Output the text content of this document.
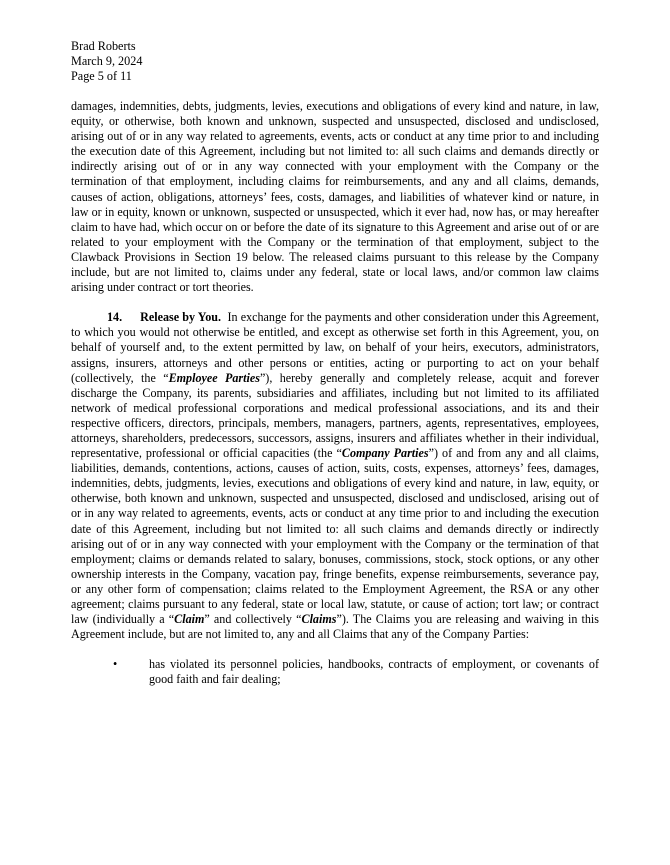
Brad Roberts
March 9, 2024
Page 5 of 11

damages, indemnities, debts, judgments, levies, executions and obligations of every kind and nature, in law, equity, or otherwise, both known and unknown, suspected and unsuspected, disclosed and undisclosed, arising out of or in any way related to agreements, events, acts or conduct at any time prior to and including the execution date of this Agreement, including but not limited to: all such claims and demands directly or indirectly arising out of or in any way connected with your employment with the Company or the termination of that employment, including claims for reimbursements, and any and all claims, demands, causes of action, obligations, attorneys’ fees, costs, damages, and liabilities of whatever kind or nature, in law or in equity, known or unknown, suspected or unsuspected, which it ever had, now has, or may hereafter claim to have had, which occur on or before the date of its signature to this Agreement and arise out of or are related to your employment with the Company or the termination of that employment, subject to the Clawback Provisions in Section 19 below. The released claims pursuant to this release by the Company include, but are not limited to, claims under any federal, state or local laws, and/or common law claims arising under contract or tort theories.

14. Release by You. In exchange for the payments and other consideration under this Agreement, to which you would not otherwise be entitled, and except as otherwise set forth in this Agreement, you, on behalf of yourself and, to the extent permitted by law, on behalf of your heirs, executors, administrators, assigns, insurers, attorneys and other persons or entities, acting or purporting to act on your behalf (collectively, the “Employee Parties”), hereby generally and completely release, acquit and forever discharge the Company, its parents, subsidiaries and affiliates, including but not limited to its affiliated network of medical professional corporations and medical professional associations, and its and their respective officers, directors, principals, members, managers, partners, agents, representatives, employees, attorneys, shareholders, predecessors, successors, assigns, insurers and affiliates whether in their individual, representative, professional or official capacities (the “Company Parties”) of and from any and all claims, liabilities, demands, contentions, actions, causes of action, suits, costs, expenses, attorneys’ fees, damages, indemnities, debts, judgments, levies, executions and obligations of every kind and nature, in law, equity, or otherwise, both known and unknown, suspected and unsuspected, disclosed and undisclosed, arising out of or in any way related to agreements, events, acts or conduct at any time prior to and including the execution date of this Agreement, including but not limited to: all such claims and demands directly or indirectly arising out of or in any way connected with your employment with the Company or the termination of that employment; claims or demands related to salary, bonuses, commissions, stock, stock options, or any other ownership interests in the Company, vacation pay, fringe benefits, expense reimbursements, severance pay, or any other form of compensation; claims related to the Employment Agreement, the RSA or any other agreement; claims pursuant to any federal, state or local law, statute, or cause of action; tort law; or contract law (individually a “Claim” and collectively “Claims”). The Claims you are releasing and waiving in this Agreement include, but are not limited to, any and all Claims that any of the Company Parties:

•	has violated its personnel policies, handbooks, contracts of employment, or covenants of good faith and fair dealing;
